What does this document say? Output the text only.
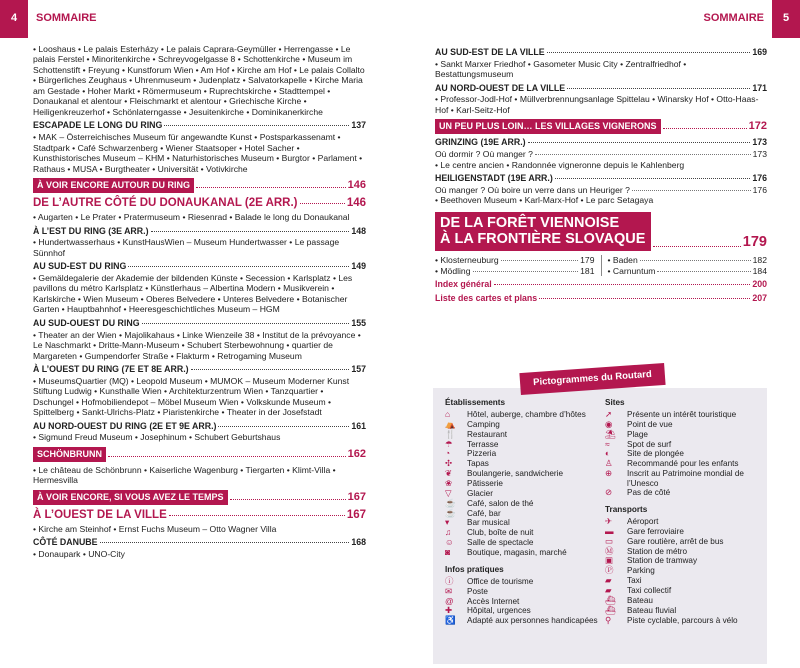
4	SOMMAIRE	SOMMAIRE	5
• Looshaus • Le palais Esterházy • Le palais Caprara-Geymüller • Herrengasse • Le palais Ferstel • Minoritenkirche • Schreyvogelgasse 8 • Schottenkirche • Museum im Schottenstift • Freyung • Kunstforum Wien • Am Hof • Kirche am Hof • Le palais Collalto • Bürgerliches Zeughaus • Uhrenmuseum • Judenplatz • Salvatorkapelle • Kirche Maria am Gestade • Hoher Markt • Römermuseum • Ruprechtskirche • Stadttempel • Donaukanal et alentour • Fleischmarkt et alentour • Griechische Kirche • Heiligenkreuzerhof • Schönlaterngasse • Jesuitenkirche • Dominikanerkirche
ESCAPADE LE LONG DU RING	137
• MAK – Österreichisches Museum für angewandte Kunst • Postsparkassenamt • Stadtpark • Café Schwarzenberg • Wiener Staatsoper • Hotel Sacher • Kunsthistorisches Museum – KHM • Naturhistorisches Museum • Burgtor • Parlament • Rathaus • MUSA • Burgtheater • Universität • Votivkirche
À VOIR ENCORE AUTOUR DU RING	146
DE L’AUTRE CÔTÉ DU DONAUKANAL (2E ARR.)	146
• Augarten • Le Prater • Pratermuseum • Riesenrad • Balade le long du Donaukanal
À L’EST DU RING (3E ARR.)	148
• Hundertwasserhaus • KunstHausWien – Museum Hundertwasser • Le passage Sünnhof
AU SUD-EST DU RING	149
• Gemäldegalerie der Akademie der bildenden Künste • Secession • Karlsplatz • Les pavillons du métro Karlsplatz • Künstlerhaus – Albertina Modern • Musikverein • Karlskirche • Wien Museum • Oberes Belvedere • Unteres Belvedere • Botanischer Garten • Hauptbahnhof • Heeresgeschichtliches Museum – HGM
AU SUD-OUEST DU RING	155
• Theater an der Wien • Majolikahaus • Linke Wienzeile 38 • Institut de la prévoyance • Le Naschmarkt • Dritte-Mann-Museum • Schubert Sterbewohnung • quartier de Margareten • Gumpendorfer Straße • Flakturm • Retrogaming Museum
À L’OUEST DU RING (7E ET 8E ARR.)	157
• MuseumsQuartier (MQ) • Leopold Museum • MUMOK – Museum Moderner Kunst Stiftung Ludwig • Kunsthalle Wien • Architekturzentrum Wien • Tanzquartier • Dschungel • Hofmobiliendepot – Möbel Museum Wien • Volkskunde Museum • Spittelberg • Sankt-Ulrichs-Platz • Piaristenkirche • Theater in der Josefstadt
AU NORD-OUEST DU RING (2E ET 9E ARR.)	161
• Sigmund Freud Museum • Josephinum • Schubert Geburtshaus
SCHÖNBRUNN	162
• Le château de Schönbrunn • Kaiserliche Wagenburg • Tiergarten • Klimt-Villa • Hermesvilla
À VOIR ENCORE, SI VOUS AVEZ LE TEMPS	167
À L’OUEST DE LA VILLE	167
• Kirche am Steinhof • Ernst Fuchs Museum – Otto Wagner Villa
CÔTÉ DANUBE	168
• Donaupark • UNO-City
AU SUD-EST DE LA VILLE	169
• Sankt Marxer Friedhof • Gasometer Music City • Zentralfriedhof • Bestattungsmuseum
AU NORD-OUEST DE LA VILLE	171
• Professor-Jodl-Hof • Müllverbrennungsanlage Spittelau • Winarsky Hof • Otto-Haas-Hof • Karl-Seitz-Hof
UN PEU PLUS LOIN… LES VILLAGES VIGNERONS	172
GRINZING (19E ARR.)	173
Où dormir ? Où manger ?	173
• Le centre ancien • Randonnée vigneronne depuis le Kahlenberg
HEILIGENSTADT (19E ARR.)	176
Où manger ? Où boire un verre dans un Heuriger ?	176
• Beethoven Museum • Karl-Marx-Hof • Le parc Setagaya
DE LA FORÊT VIENNOISE
À LA FRONTIÈRE SLOVAQUE	179
• Klosterneuburg	179
• Mödling	181
• Baden	182
• Carnuntum	184
Index général	200
Liste des cartes et plans	207
Pictogrammes du Routard
Établissements
⌂	Hôtel, auberge, chambre d’hôtes
⛺	Camping
🍴	Restaurant
☂	Terrasse
◔	Pizzeria
✣	Tapas
❦	Boulangerie, sandwicherie
❀	Pâtisserie
▽	Glacier
☕	Café, salon de thé
☕	Café, bar
▾	Bar musical
♫	Club, boîte de nuit
☺	Salle de spectacle
◙	Boutique, magasin, marché
Infos pratiques
ⓘ	Office de tourisme
✉	Poste
@	Accès Internet
✚	Hôpital, urgences
♿	Adapté aux personnes handicapées
Sites
➚	Présente un intérêt touristique
◉	Point de vue
⛱	Plage
≈	Spot de surf
◐	Site de plongée
♙	Recommandé pour les enfants
⊕	Inscrit au Patrimoine mondial de l’Unesco
⊘	Pas de côté
Transports
✈	Aéroport
▬	Gare ferroviaire
▭	Gare routière, arrêt de bus
Ⓜ	Station de métro
▣	Station de tramway
Ⓟ	Parking
▰	Taxi
▰	Taxi collectif
⛴	Bateau
⛴	Bateau fluvial
⚲	Piste cyclable, parcours à vélo
